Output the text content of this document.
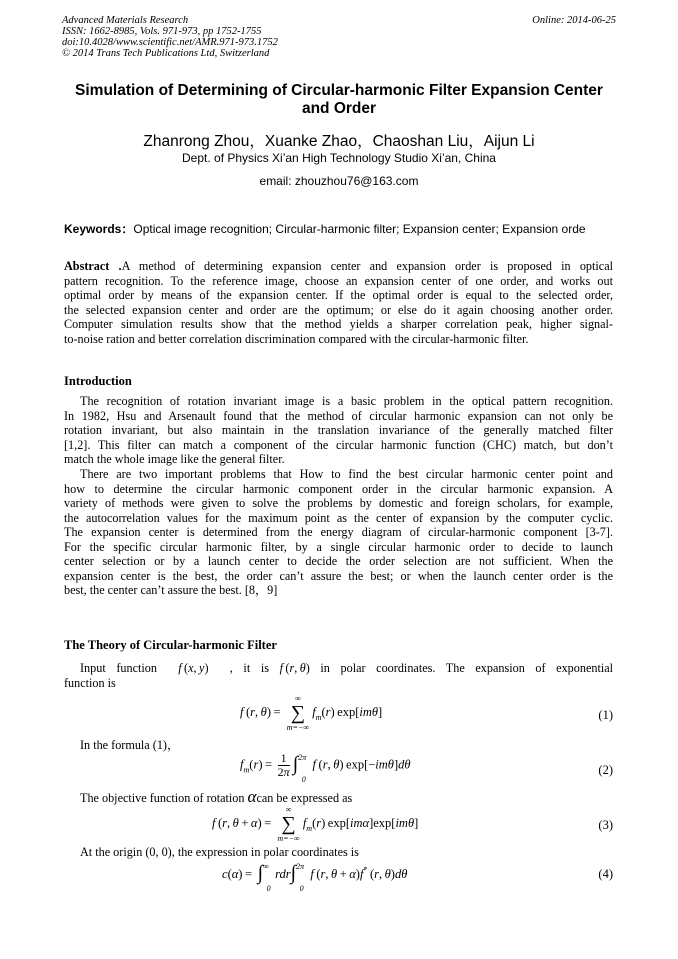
Advanced Materials Research
ISSN: 1662-8985, Vols. 971-973, pp 1752-1755
doi:10.4028/www.scientific.net/AMR.971-973.1752
© 2014 Trans Tech Publications Ltd, Switzerland
Online: 2014-06-25
Simulation of Determining of Circular-harmonic Filter Expansion Center
and Order
Zhanrong Zhou，Xuanke Zhao，Chaoshan Liu，Aijun Li
Dept. of Physics Xi’an High Technology Studio Xi’an, China
email: zhouzhou76@163.com
Keywords：Optical image recognition; Circular-harmonic filter; Expansion center; Expansion orde
Abstract .A method of determining expansion center and expansion order is proposed in optical
pattern recognition. To the reference image, choose an expansion center of one order, and works out
optimal order by means of the expansion center. If the optimal order is equal to the selected order,
the selected expansion center and order are the optimum; or else do it again choosing another order.
Computer simulation results show that the method yields a sharper correlation peak, higher signal-
to-noise ration and better correlation discrimination compared with the circular-harmonic filter.
Introduction
The recognition of rotation invariant image is a basic problem in the optical pattern recognition.
In 1982, Hsu and Arsenault found that the method of circular harmonic expansion can not only be
rotation invariant, but also maintain in the translation invariance of the generally matched filter
[1,2]. This filter can match a component of the circular harmonic function (CHC) match, but don’t
match the whole image like the general filter.
There are two important problems that How to find the best circular harmonic center point and
how to determine the circular harmonic component order in the circular harmonic expansion. A
variety of methods were given to solve the problems by domestic and foreign scholars, for example,
the autocorrelation values for the maximum point as the center of expansion by the computer cyclic.
The expansion center is determined from the energy diagram of circular-harmonic component [3-7].
For the specific circular harmonic filter, by a single circular harmonic order to decide to launch
center selection or by a launch center to decide the order selection are not sufficient. When the
expansion center is the best, the order can’t assure the best; or when the launch center order is the
best, the center can’t assure the best. [8，9]
The Theory of Circular-harmonic Filter
Input function f (x, y)  , it is f (r, θ) in polar coordinates. The expansion of exponential
function is
f (r, θ) =
∞
∑
m=−∞
$f_m(r)$ exp[imθ]	(1)
In the formula (1)，
$f_m(r) = \frac{1}{2\pi} \int^{2\pi}$
0
f (r, θ) exp[−imθ]dθ	(2)
The objective function of rotation αcan be expressed as
f (r, θ + α) =
∞
∑
m=−∞
$f_m(r)$ exp[imα]exp[imθ]	(3)
At the origin (0, 0), the expression in polar coordinates is
c(α) =  ∫∞
0
rdr∫$^{2\pi}$
0
f (r, θ + α)f* (r, θ)dθ	(4)
